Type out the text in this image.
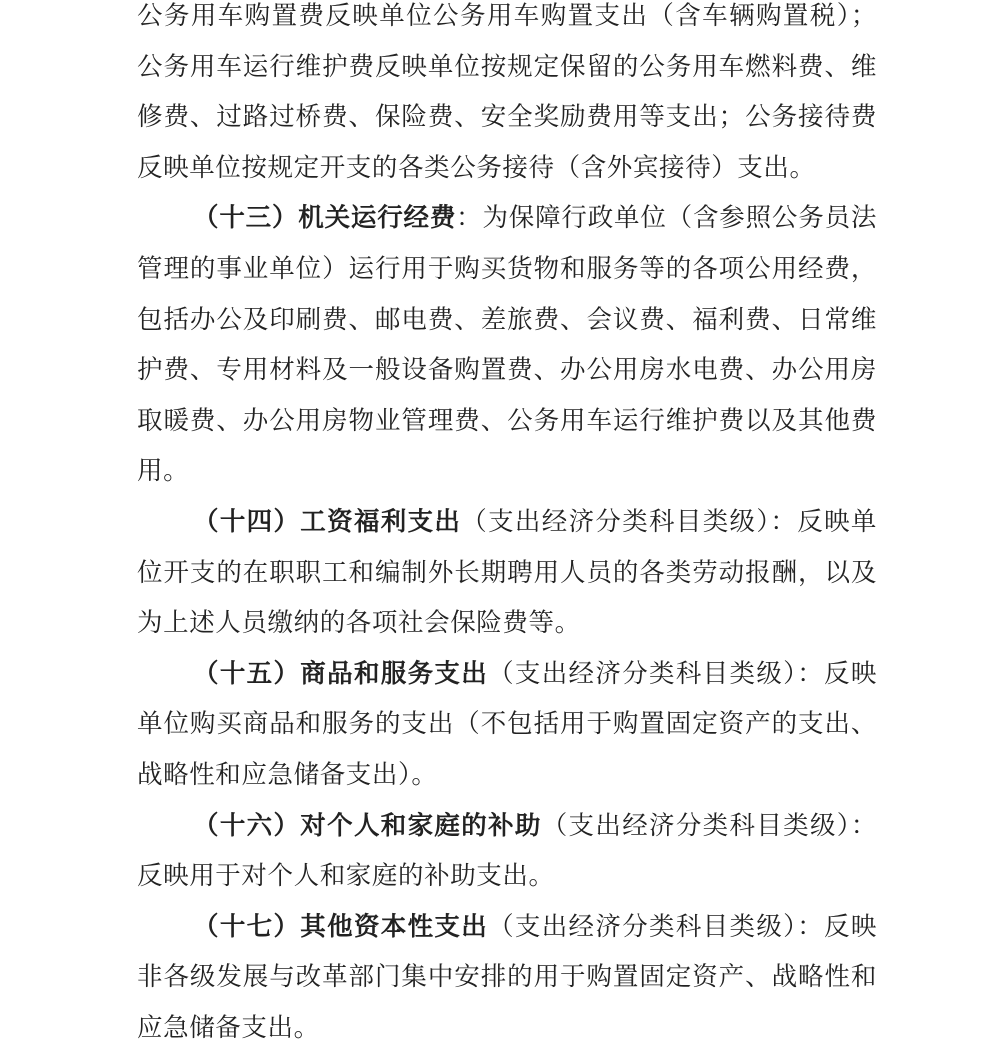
公务用车购置费反映单位公务用车购置支出（含车辆购置税）；公务用车运行维护费反映单位按规定保留的公务用车燃料费、维修费、过路过桥费、保险费、安全奖励费用等支出；公务接待费反映单位按规定开支的各类公务接待（含外宾接待）支出。

（十三）机关运行经费：为保障行政单位（含参照公务员法管理的事业单位）运行用于购买货物和服务等的各项公用经费，包括办公及印刷费、邮电费、差旅费、会议费、福利费、日常维护费、专用材料及一般设备购置费、办公用房水电费、办公用房取暖费、办公用房物业管理费、公务用车运行维护费以及其他费用。

（十四）工资福利支出（支出经济分类科目类级）：反映单位开支的在职职工和编制外长期聘用人员的各类劳动报酬，以及为上述人员缴纳的各项社会保险费等。

（十五）商品和服务支出（支出经济分类科目类级）：反映单位购买商品和服务的支出（不包括用于购置固定资产的支出、战略性和应急储备支出）。

（十六）对个人和家庭的补助（支出经济分类科目类级）：反映用于对个人和家庭的补助支出。

（十七）其他资本性支出（支出经济分类科目类级）：反映非各级发展与改革部门集中安排的用于购置固定资产、战略性和应急储备支出。
